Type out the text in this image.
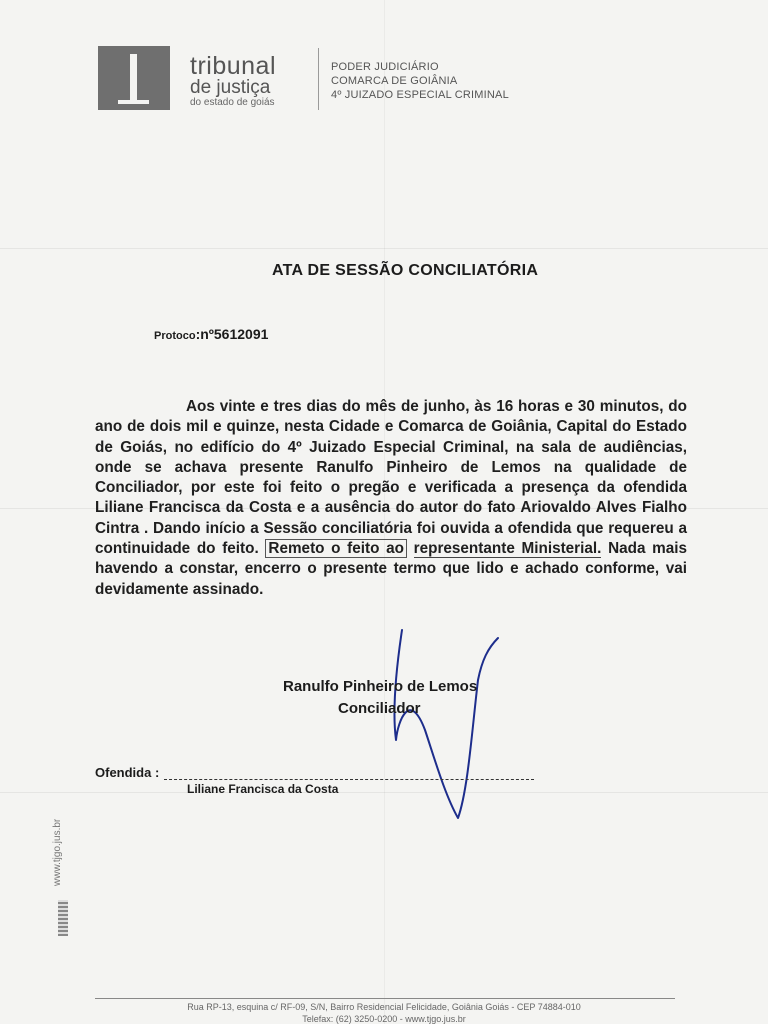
tribunal
de justiça
do estado de goiás
PODER JUDICIÁRIO
COMARCA DE GOIÂNIA
4º JUIZADO ESPECIAL CRIMINAL
ATA DE SESSÃO CONCILIATÓRIA
Protoco:nº5612091
Aos vinte e tres dias do mês de junho, às 16 horas e 30 minutos, do ano de dois mil e quinze, nesta Cidade e Comarca de Goiânia, Capital do Estado de Goiás, no edifício do 4º Juizado Especial Criminal, na sala de audiências, onde se achava presente Ranulfo Pinheiro de Lemos na qualidade de Conciliador, por este foi feito o pregão e verificada a presença da ofendida Liliane Francisca da Costa e a ausência do autor do fato Ariovaldo Alves Fialho Cintra . Dando início a Sessão conciliatória foi ouvida a ofendida que requereu a continuidade do feito. Remeto o feito ao representante Ministerial. Nada mais havendo a constar, encerro o presente termo que lido e achado conforme, vai devidamente assinado.
Ranulfo Pinheiro de Lemos
Conciliador
Ofendida :
Liliane Francisca da Costa
www.tjgo.jus.br
Rua RP-13, esquina c/ RF-09, S/N, Bairro Residencial Felicidade, Goiânia Goiás - CEP 74884-010
Telefax: (62) 3250-0200 - www.tjgo.jus.br
